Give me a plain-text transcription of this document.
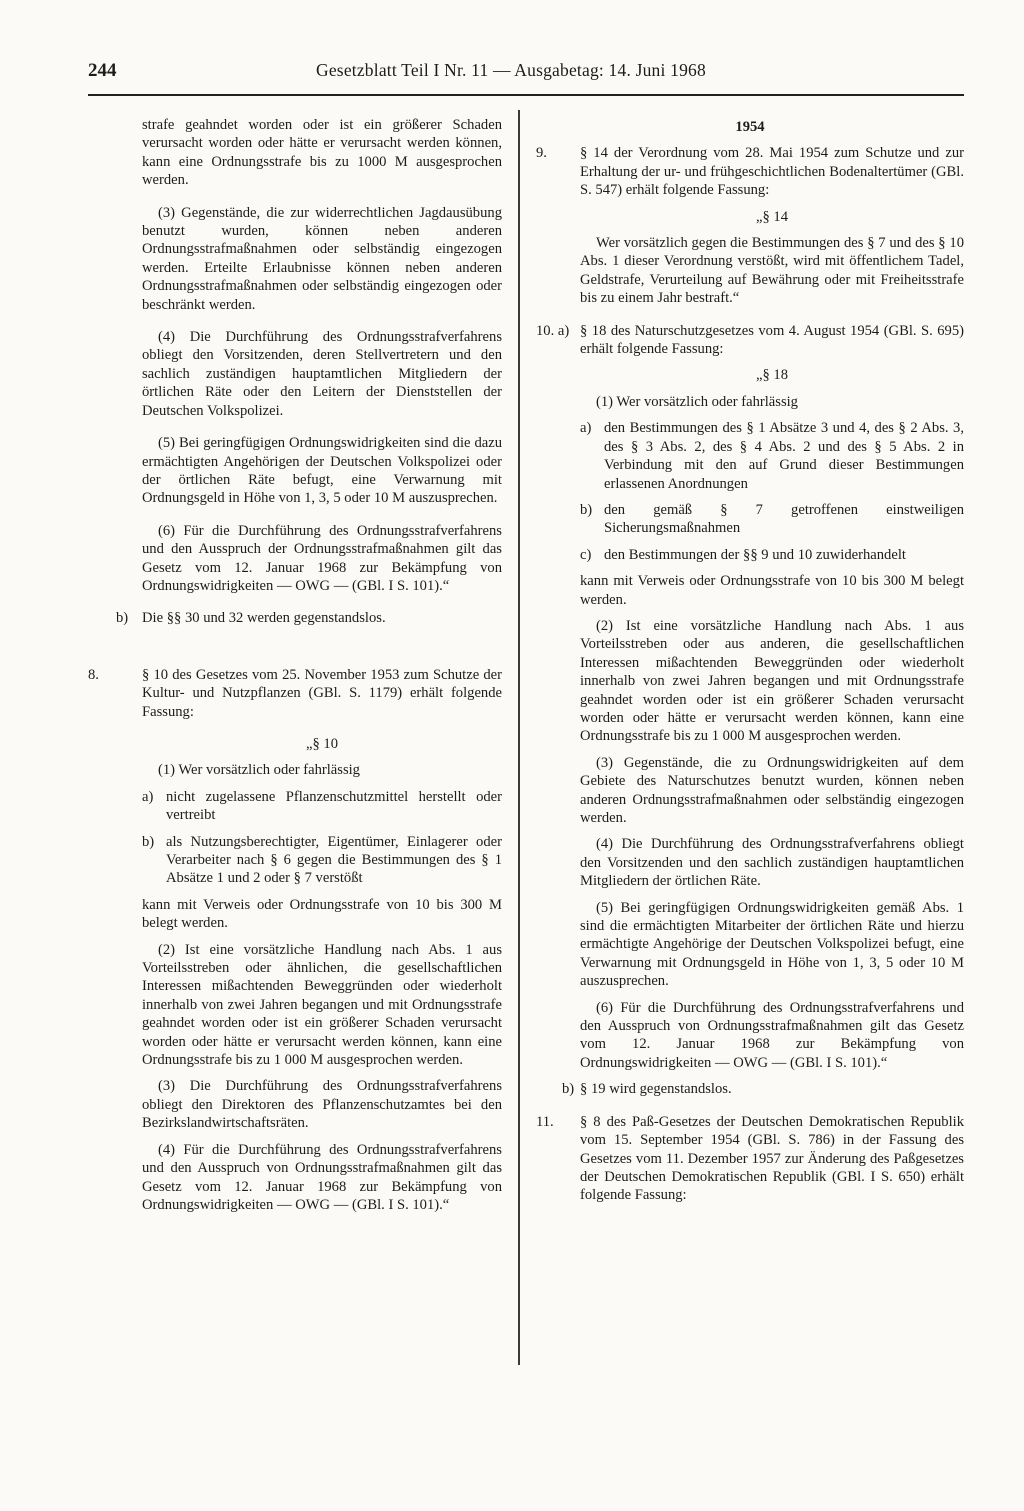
244	Gesetzblatt Teil I Nr. 11 — Ausgabetag: 14. Juni 1968

strafe geahndet worden oder ist ein größerer Schaden verursacht worden oder hätte er verursacht werden können, kann eine Ordnungsstrafe bis zu 1000 M ausgesprochen werden.

(3) Gegenstände, die zur widerrechtlichen Jagdausübung benutzt wurden, können neben anderen Ordnungsstrafmaßnahmen oder selbständig eingezogen werden. Erteilte Erlaubnisse können neben anderen Ordnungsstrafmaßnahmen oder selbständig eingezogen oder beschränkt werden.

(4) Die Durchführung des Ordnungsstrafverfahrens obliegt den Vorsitzenden, deren Stellvertretern und den sachlich zuständigen hauptamtlichen Mitgliedern der örtlichen Räte oder den Leitern der Dienststellen der Deutschen Volkspolizei.

(5) Bei geringfügigen Ordnungswidrigkeiten sind die dazu ermächtigten Angehörigen der Deutschen Volkspolizei oder der örtlichen Räte befugt, eine Verwarnung mit Ordnungsgeld in Höhe von 1, 3, 5 oder 10 M auszusprechen.

(6) Für die Durchführung des Ordnungsstrafverfahrens und den Ausspruch der Ordnungsstrafmaßnahmen gilt das Gesetz vom 12. Januar 1968 zur Bekämpfung von Ordnungswidrigkeiten — OWG — (GBl. I S. 101).“

b) Die §§ 30 und 32 werden gegenstandslos.

8.	§ 10 des Gesetzes vom 25. November 1953 zum Schutze der Kultur- und Nutzpflanzen (GBl. S. 1179) erhält folgende Fassung:

„§ 10

(1) Wer vorsätzlich oder fahrlässig

a) nicht zugelassene Pflanzenschutzmittel herstellt oder vertreibt

b) als Nutzungsberechtigter, Eigentümer, Einlagerer oder Verarbeiter nach § 6 gegen die Bestimmungen des § 1 Absätze 1 und 2 oder § 7 verstößt

kann mit Verweis oder Ordnungsstrafe von 10 bis 300 M belegt werden.

(2) Ist eine vorsätzliche Handlung nach Abs. 1 aus Vorteilsstreben oder ähnlichen, die gesellschaftlichen Interessen mißachtenden Beweggründen oder wiederholt innerhalb von zwei Jahren begangen und mit Ordnungsstrafe geahndet worden oder ist ein größerer Schaden verursacht worden oder hätte er verursacht werden können, kann eine Ordnungsstrafe bis zu 1 000 M ausgesprochen werden.

(3) Die Durchführung des Ordnungsstrafverfahrens obliegt den Direktoren des Pflanzenschutzamtes bei den Bezirkslandwirtschaftsräten.

(4) Für die Durchführung des Ordnungsstrafverfahrens und den Ausspruch von Ordnungsstrafmaßnahmen gilt das Gesetz vom 12. Januar 1968 zur Bekämpfung von Ordnungswidrigkeiten — OWG — (GBl. I S. 101).“

1954

9.	§ 14 der Verordnung vom 28. Mai 1954 zum Schutze und zur Erhaltung der ur- und frühgeschichtlichen Bodenaltertümer (GBl. S. 547) erhält folgende Fassung:

„§ 14

Wer vorsätzlich gegen die Bestimmungen des § 7 und des § 10 Abs. 1 dieser Verordnung verstößt, wird mit öffentlichem Tadel, Geldstrafe, Verurteilung auf Bewährung oder mit Freiheitsstrafe bis zu einem Jahr bestraft.“

10. a) § 18 des Naturschutzgesetzes vom 4. August 1954 (GBl. S. 695) erhält folgende Fassung:

„§ 18

(1) Wer vorsätzlich oder fahrlässig

a) den Bestimmungen des § 1 Absätze 3 und 4, des § 2 Abs. 3, des § 3 Abs. 2, des § 4 Abs. 2 und des § 5 Abs. 2 in Verbindung mit den auf Grund dieser Bestimmungen erlassenen Anordnungen

b) den gemäß § 7 getroffenen einstweiligen Sicherungsmaßnahmen

c) den Bestimmungen der §§ 9 und 10 zuwiderhandelt

kann mit Verweis oder Ordnungsstrafe von 10 bis 300 M belegt werden.

(2) Ist eine vorsätzliche Handlung nach Abs. 1 aus Vorteilsstreben oder aus anderen, die gesellschaftlichen Interessen mißachtenden Beweggründen oder wiederholt innerhalb von zwei Jahren begangen und mit Ordnungsstrafe geahndet worden oder ist ein größerer Schaden verursacht worden oder hätte er verursacht werden können, kann eine Ordnungsstrafe bis zu 1 000 M ausgesprochen werden.

(3) Gegenstände, die zu Ordnungswidrigkeiten auf dem Gebiete des Naturschutzes benutzt wurden, können neben anderen Ordnungsstrafmaßnahmen oder selbständig eingezogen werden.

(4) Die Durchführung des Ordnungsstrafverfahrens obliegt den Vorsitzenden und den sachlich zuständigen hauptamtlichen Mitgliedern der örtlichen Räte.

(5) Bei geringfügigen Ordnungswidrigkeiten gemäß Abs. 1 sind die ermächtigten Mitarbeiter der örtlichen Räte und hierzu ermächtigte Angehörige der Deutschen Volkspolizei befugt, eine Verwarnung mit Ordnungsgeld in Höhe von 1, 3, 5 oder 10 M auszusprechen.

(6) Für die Durchführung des Ordnungsstrafverfahrens und den Ausspruch von Ordnungsstrafmaßnahmen gilt das Gesetz vom 12. Januar 1968 zur Bekämpfung von Ordnungswidrigkeiten — OWG — (GBl. I S. 101).“

b) § 19 wird gegenstandslos.

11.	§ 8 des Paß-Gesetzes der Deutschen Demokratischen Republik vom 15. September 1954 (GBl. S. 786) in der Fassung des Gesetzes vom 11. Dezember 1957 zur Änderung des Paßgesetzes der Deutschen Demokratischen Republik (GBl. I S. 650) erhält folgende Fassung:
